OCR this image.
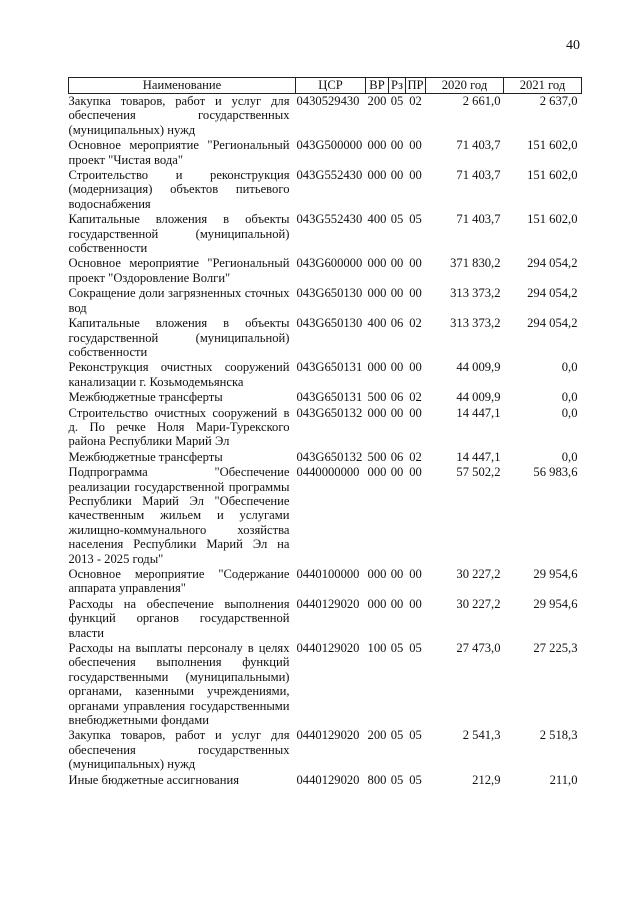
40
Наименование	ЦСР	ВР	Рз	ПР	2020 год	2021 год
Закупка товаров, работ и услуг для обеспечения государственных (муниципальных) нужд	0430529430	200	05	02	2 661,0	2 637,0
Основное мероприятие "Региональный проект "Чистая вода"	043G500000	000	00	00	71 403,7	151 602,0
Строительство и реконструкция (модернизация) объектов питьевого водоснабжения	043G552430	000	00	00	71 403,7	151 602,0
Капитальные вложения в объекты государственной (муниципальной) собственности	043G552430	400	05	05	71 403,7	151 602,0
Основное мероприятие "Региональный проект "Оздоровление Волги"	043G600000	000	00	00	371 830,2	294 054,2
Сокращение доли загрязненных сточных вод	043G650130	000	00	00	313 373,2	294 054,2
Капитальные вложения в объекты государственной (муниципальной) собственности	043G650130	400	06	02	313 373,2	294 054,2
Реконструкция очистных сооружений канализации г. Козьмодемьянска	043G650131	000	00	00	44 009,9	0,0
Межбюджетные трансферты	043G650131	500	06	02	44 009,9	0,0
Строительство очистных сооружений в д. По речке Ноля Мари-Турекского района Республики Марий Эл	043G650132	000	00	00	14 447,1	0,0
Межбюджетные трансферты	043G650132	500	06	02	14 447,1	0,0
Подпрограмма "Обеспечение реализации государственной программы Республики Марий Эл "Обеспечение качественным жильем и услугами жилищно-коммунального хозяйства населения Республики Марий Эл на 2013 - 2025 годы"	0440000000	000	00	00	57 502,2	56 983,6
Основное мероприятие "Содержание аппарата управления"	0440100000	000	00	00	30 227,2	29 954,6
Расходы на обеспечение выполнения функций органов государственной власти	0440129020	000	00	00	30 227,2	29 954,6
Расходы на выплаты персоналу в целях обеспечения выполнения функций государственными (муниципальными) органами, казенными учреждениями, органами управления государственными внебюджетными фондами	0440129020	100	05	05	27 473,0	27 225,3
Закупка товаров, работ и услуг для обеспечения государственных (муниципальных) нужд	0440129020	200	05	05	2 541,3	2 518,3
Иные бюджетные ассигнования	0440129020	800	05	05	212,9	211,0
